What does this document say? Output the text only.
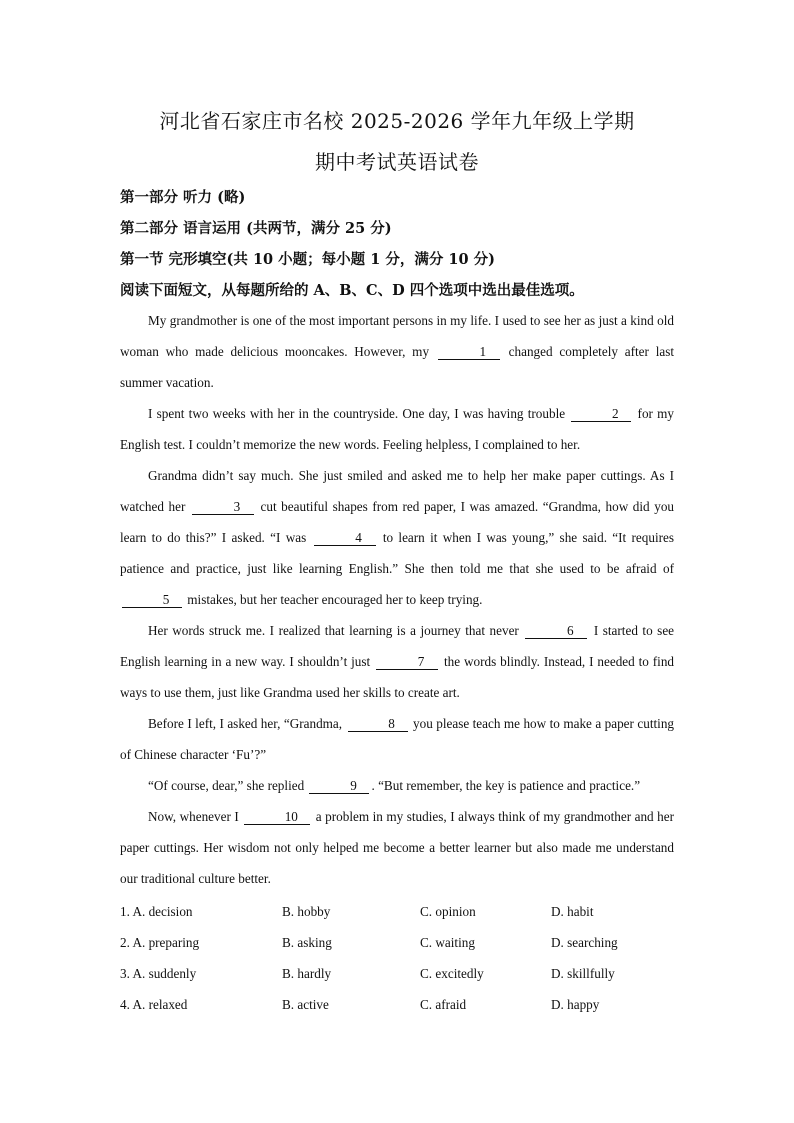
河北省石家庄市名校 2025-2026 学年九年级上学期
期中考试英语试卷
第一部分 听力 (略)
第二部分 语言运用 (共两节，满分 25 分)
第一节 完形填空(共 10 小题；每小题 1 分，满分 10 分)
阅读下面短文，从每题所给的 A、B、C、D 四个选项中选出最佳选项。

My grandmother is one of the most important persons in my life. I used to see her as just a kind old woman who made delicious mooncakes. However, my	1 changed completely after last summer vacation.

I spent two weeks with her in the countryside. One day, I was having trouble	2 for my English test. I couldn’t memorize the new words. Feeling helpless, I complained to her.

Grandma didn’t say much. She just smiled and asked me to help her make paper cuttings. As I watched her	3 cut beautiful shapes from red paper, I was amazed. “Grandma, how did you learn to do this?” I asked. “I was	4 to learn it when I was young,” she said. “It requires patience and practice, just like learning English.” She then told me that she used to be afraid of 5 mistakes, but her teacher encouraged her to keep trying.

Her words struck me. I realized that learning is a journey that never	6 I started to see English learning in a new way. I shouldn’t just	7 the words blindly. Instead, I needed to find ways to use them, just like Grandma used her skills to create art.

Before I left, I asked her, “Grandma,	8 you please teach me how to make a paper cutting of Chinese character ‘Fu’?”

“Of course, dear,” she replied	9 . “But remember, the key is patience and practice.”

Now, whenever I	10 a problem in my studies, I always think of my grandmother and her paper cuttings. Her wisdom not only helped me become a better learner but also made me understand our traditional culture better.

1. A. decision	B. hobby	C. opinion	D. habit
2. A. preparing	B. asking	C. waiting	D. searching
3. A. suddenly	B. hardly	C. excitedly	D. skillfully
4. A. relaxed	B. active	C. afraid	D. happy
